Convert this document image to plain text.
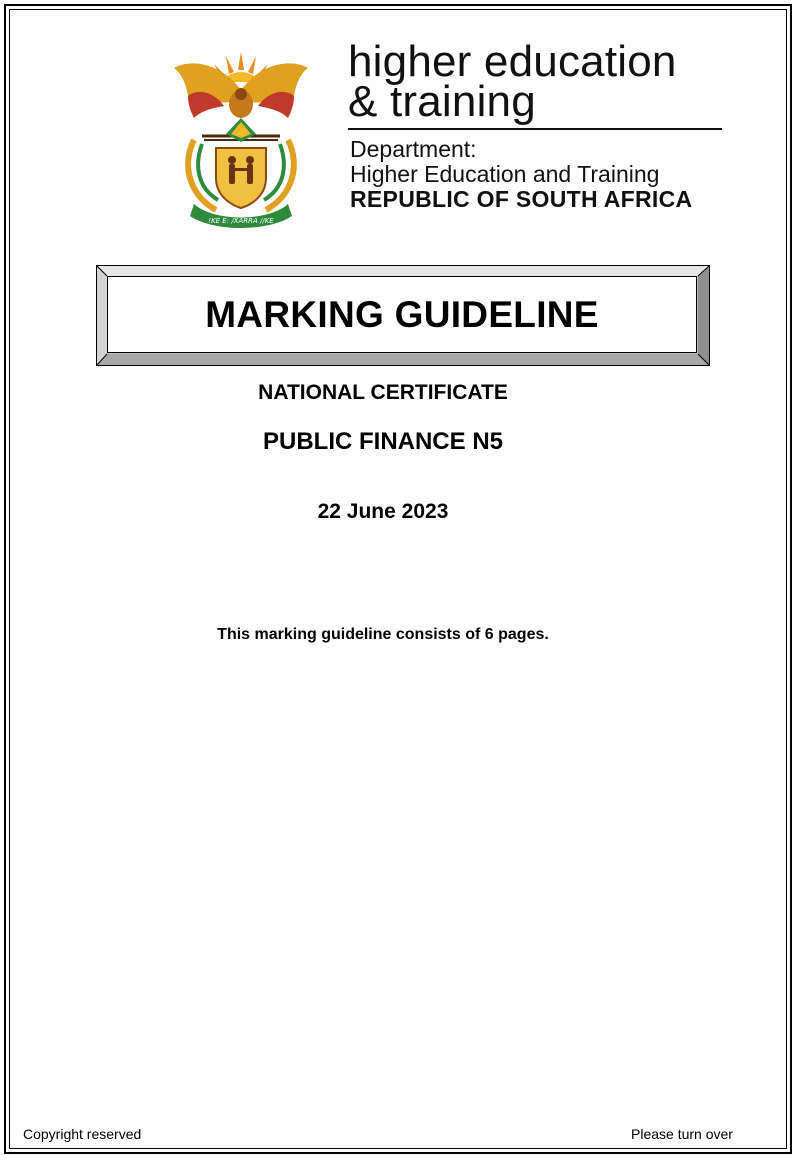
!KE E: /XARRA //KE
higher education
& training
Department:
Higher Education and Training
REPUBLIC OF SOUTH AFRICA
MARKING GUIDELINE
NATIONAL CERTIFICATE
PUBLIC FINANCE N5
22 June 2023
This marking guideline consists of 6 pages.
Copyright reserved	Please turn over
